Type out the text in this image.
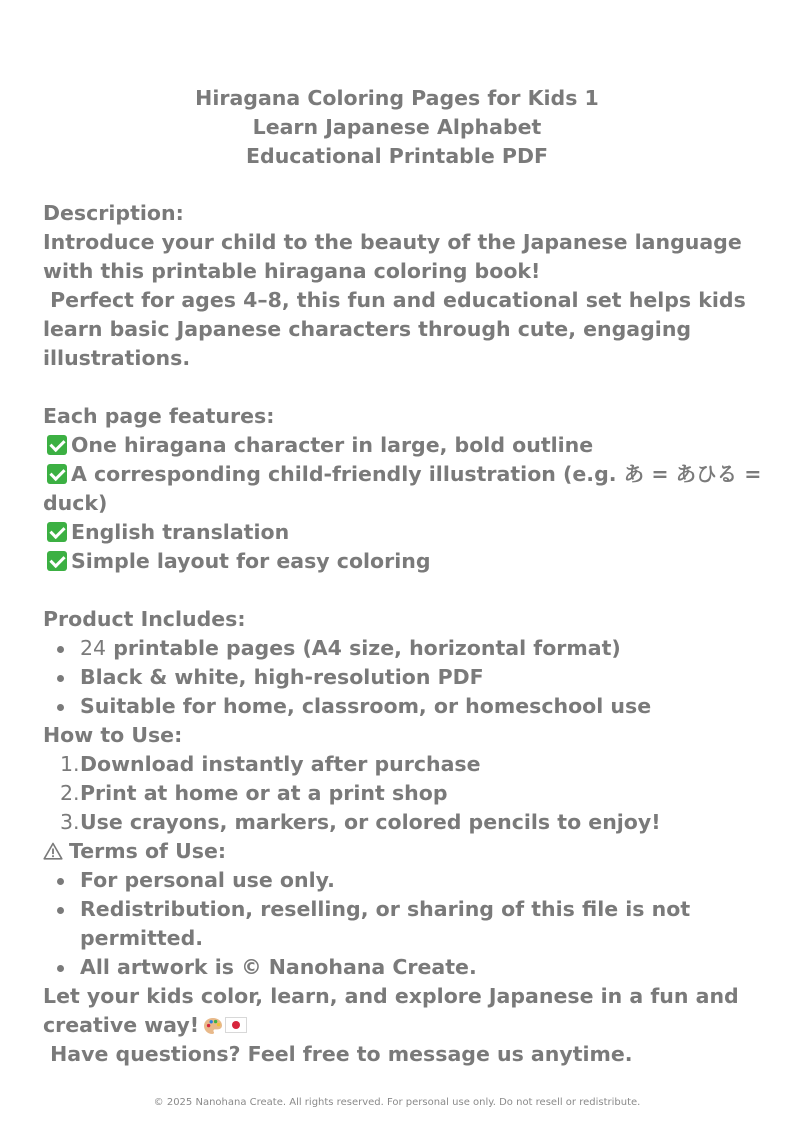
Hiragana Coloring Pages for Kids 1
Learn Japanese Alphabet
Educational Printable PDF

Description:

Introduce your child to the beauty of the Japanese language with this printable hiragana coloring book!

Perfect for ages 4–8, this fun and educational set helps kids learn basic Japanese characters through cute, engaging illustrations.

Each page features:

One hiragana character in large, bold outline
A corresponding child-friendly illustration (e.g. あ = あひる = duck)
English translation
Simple layout for easy coloring

Product Includes:

24 printable pages (A4 size, horizontal format)
Black & white, high-resolution PDF
Suitable for home, classroom, or homeschool use

How to Use:

1. Download instantly after purchase
2. Print at home or at a print shop
3. Use crayons, markers, or colored pencils to enjoy!

Terms of Use:

For personal use only.
Redistribution, reselling, or sharing of this file is not permitted.
All artwork is © Nanohana Create.

Let your kids color, learn, and explore Japanese in a fun and creative way!

Have questions? Feel free to message us anytime.

© 2025 Nanohana Create. All rights reserved. For personal use only. Do not resell or redistribute.
